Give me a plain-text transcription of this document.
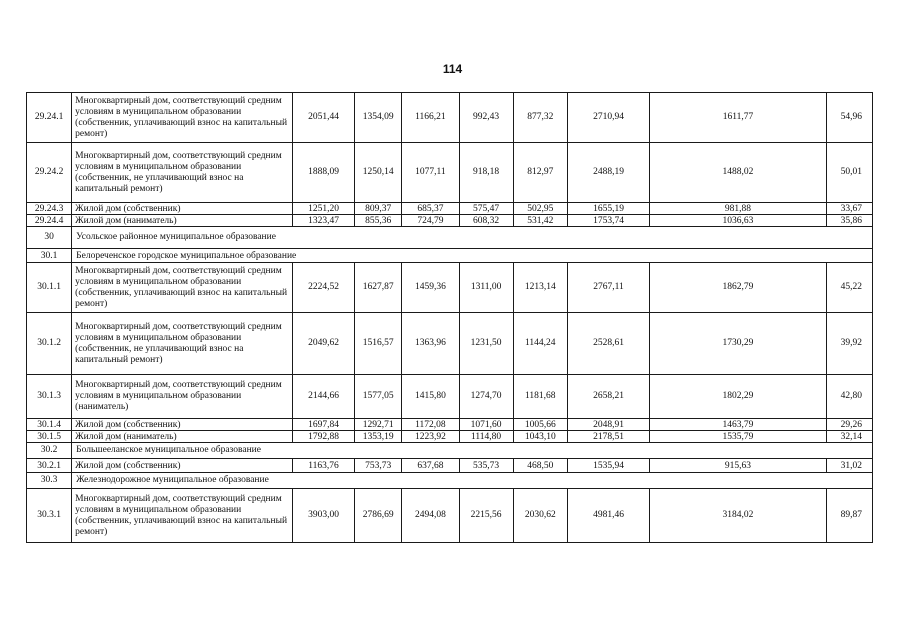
114
29.24.1	Многоквартирный дом, соответствующий средним условиям в муниципальном образовании (собственник, уплачивающий взнос на капитальный ремонт)	2051,44	1354,09	1166,21	992,43	877,32	2710,94	1611,77	54,96
29.24.2	Многоквартирный дом, соответствующий средним условиям в муниципальном образовании (собственник, не уплачивающий взнос на капитальный ремонт)	1888,09	1250,14	1077,11	918,18	812,97	2488,19	1488,02	50,01
29.24.3	Жилой дом (собственник)	1251,20	809,37	685,37	575,47	502,95	1655,19	981,88	33,67
29.24.4	Жилой дом (наниматель)	1323,47	855,36	724,79	608,32	531,42	1753,74	1036,63	35,86
30	Усольское районное муниципальное образование								
30.1	Белореченское городское муниципальное образование								
30.1.1	Многоквартирный дом, соответствующий средним условиям в муниципальном образовании (собственник, уплачивающий взнос на капитальный ремонт)	2224,52	1627,87	1459,36	1311,00	1213,14	2767,11	1862,79	45,22
30.1.2	Многоквартирный дом, соответствующий средним условиям в муниципальном образовании (собственник, не уплачивающий взнос на капитальный ремонт)	2049,62	1516,57	1363,96	1231,50	1144,24	2528,61	1730,29	39,92
30.1.3	Многоквартирный дом, соответствующий средним условиям в муниципальном образовании (наниматель)	2144,66	1577,05	1415,80	1274,70	1181,68	2658,21	1802,29	42,80
30.1.4	Жилой дом (собственник)	1697,84	1292,71	1172,08	1071,60	1005,66	2048,91	1463,79	29,26
30.1.5	Жилой дом (наниматель)	1792,88	1353,19	1223,92	1114,80	1043,10	2178,51	1535,79	32,14
30.2	Большееланское муниципальное образование								
30.2.1	Жилой дом (собственник)	1163,76	753,73	637,68	535,73	468,50	1535,94	915,63	31,02
30.3	Железнодорожное муниципальное образование								
30.3.1	Многоквартирный дом, соответствующий средним условиям в муниципальном образовании (собственник, уплачивающий взнос на капитальный ремонт)	3903,00	2786,69	2494,08	2215,56	2030,62	4981,46	3184,02	89,87
